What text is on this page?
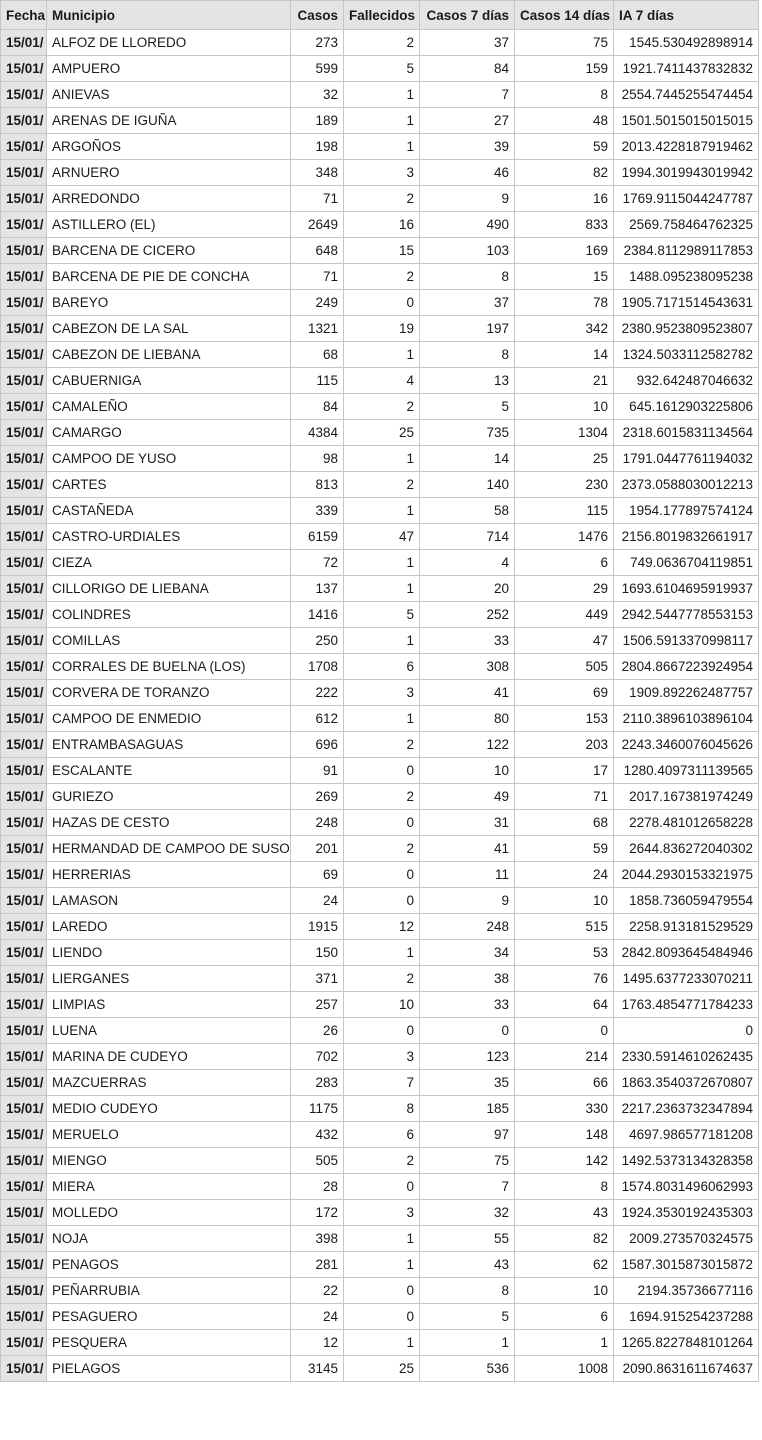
Fecha	Municipio	Casos	Fallecidos	Casos 7 días	Casos 14 días	IA 7 días
15/01/	ALFOZ DE LLOREDO	273	2	37	75	1545.530492898914
15/01/	AMPUERO	599	5	84	159	1921.7411437832832
15/01/	ANIEVAS	32	1	7	8	2554.7445255474454
15/01/	ARENAS DE IGUÑA	189	1	27	48	1501.5015015015015
15/01/	ARGOÑOS	198	1	39	59	2013.4228187919462
15/01/	ARNUERO	348	3	46	82	1994.3019943019942
15/01/	ARREDONDO	71	2	9	16	1769.9115044247787
15/01/	ASTILLERO (EL)	2649	16	490	833	2569.758464762325
15/01/	BARCENA DE CICERO	648	15	103	169	2384.8112989117853
15/01/	BARCENA DE PIE DE CONCHA	71	2	8	15	1488.095238095238
15/01/	BAREYO	249	0	37	78	1905.7171514543631
15/01/	CABEZON DE LA SAL	1321	19	197	342	2380.9523809523807
15/01/	CABEZON DE LIEBANA	68	1	8	14	1324.5033112582782
15/01/	CABUERNIGA	115	4	13	21	932.642487046632
15/01/	CAMALEÑO	84	2	5	10	645.1612903225806
15/01/	CAMARGO	4384	25	735	1304	2318.6015831134564
15/01/	CAMPOO DE YUSO	98	1	14	25	1791.0447761194032
15/01/	CARTES	813	2	140	230	2373.0588030012213
15/01/	CASTAÑEDA	339	1	58	115	1954.177897574124
15/01/	CASTRO-URDIALES	6159	47	714	1476	2156.8019832661917
15/01/	CIEZA	72	1	4	6	749.0636704119851
15/01/	CILLORIGO DE LIEBANA	137	1	20	29	1693.6104695919937
15/01/	COLINDRES	1416	5	252	449	2942.5447778553153
15/01/	COMILLAS	250	1	33	47	1506.5913370998117
15/01/	CORRALES DE BUELNA (LOS)	1708	6	308	505	2804.8667223924954
15/01/	CORVERA DE TORANZO	222	3	41	69	1909.892262487757
15/01/	CAMPOO DE ENMEDIO	612	1	80	153	2110.3896103896104
15/01/	ENTRAMBASAGUAS	696	2	122	203	2243.3460076045626
15/01/	ESCALANTE	91	0	10	17	1280.4097311139565
15/01/	GURIEZO	269	2	49	71	2017.167381974249
15/01/	HAZAS DE CESTO	248	0	31	68	2278.481012658228
15/01/	HERMANDAD DE CAMPOO DE SUSO	201	2	41	59	2644.836272040302
15/01/	HERRERIAS	69	0	11	24	2044.2930153321975
15/01/	LAMASON	24	0	9	10	1858.736059479554
15/01/	LAREDO	1915	12	248	515	2258.913181529529
15/01/	LIENDO	150	1	34	53	2842.8093645484946
15/01/	LIERGANES	371	2	38	76	1495.6377233070211
15/01/	LIMPIAS	257	10	33	64	1763.4854771784233
15/01/	LUENA	26	0	0	0	0
15/01/	MARINA DE CUDEYO	702	3	123	214	2330.5914610262435
15/01/	MAZCUERRAS	283	7	35	66	1863.3540372670807
15/01/	MEDIO CUDEYO	1175	8	185	330	2217.2363732347894
15/01/	MERUELO	432	6	97	148	4697.986577181208
15/01/	MIENGO	505	2	75	142	1492.5373134328358
15/01/	MIERA	28	0	7	8	1574.8031496062993
15/01/	MOLLEDO	172	3	32	43	1924.3530192435303
15/01/	NOJA	398	1	55	82	2009.273570324575
15/01/	PENAGOS	281	1	43	62	1587.3015873015872
15/01/	PEÑARRUBIA	22	0	8	10	2194.35736677116
15/01/	PESAGUERO	24	0	5	6	1694.915254237288
15/01/	PESQUERA	12	1	1	1	1265.8227848101264
15/01/	PIELAGOS	3145	25	536	1008	2090.8631611674637
